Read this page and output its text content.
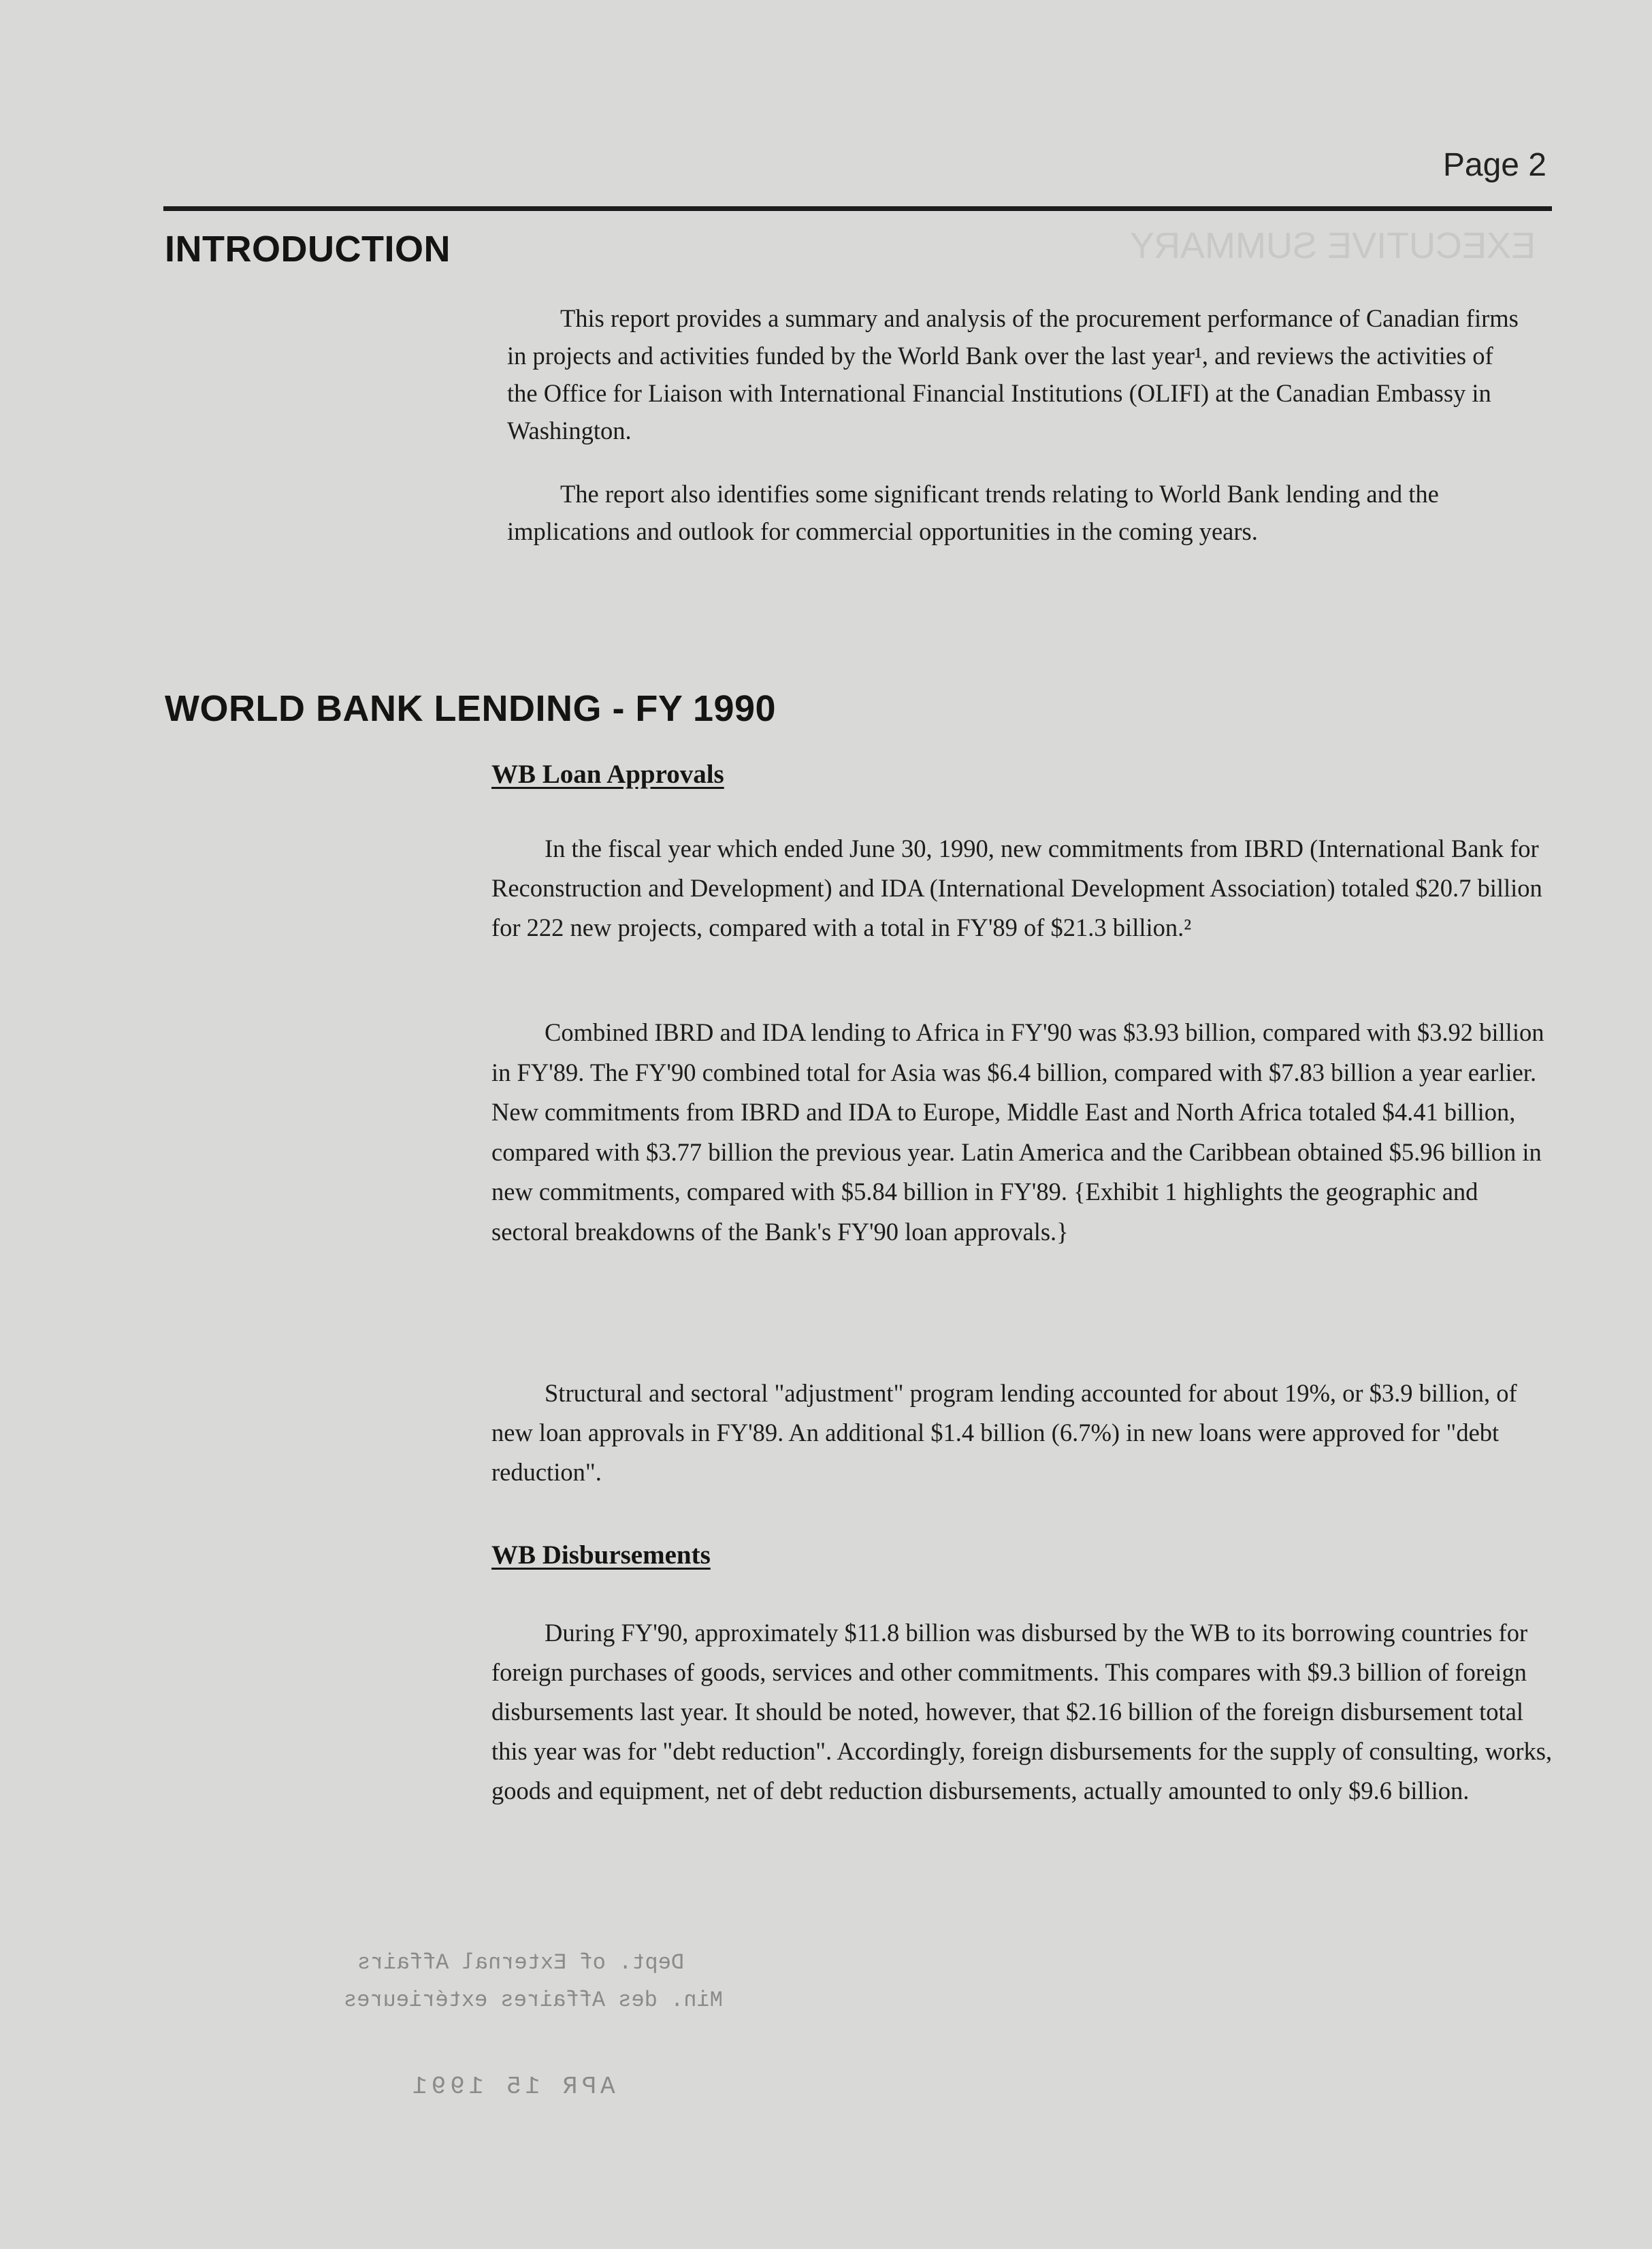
EXECUTIVE SUMMARY
Page 2
INTRODUCTION

This report provides a summary and analysis of the procurement performance of Canadian firms in projects and activities funded by the World Bank over the last year¹, and reviews the activities of the Office for Liaison with International Financial Institutions (OLIFI) at the Canadian Embassy in Washington.

The report also identifies some significant trends relating to World Bank lending and the implications and outlook for commercial opportunities in the coming years.

WORLD BANK LENDING - FY 1990
WB Loan Approvals

In the fiscal year which ended June 30, 1990, new commitments from IBRD (International Bank for Reconstruction and Development) and IDA (International Development Association) totaled $20.7 billion for 222 new projects, compared with a total in FY'89 of $21.3 billion.²

Combined IBRD and IDA lending to Africa in FY'90 was $3.93 billion, compared with $3.92 billion in FY'89. The FY'90 combined total for Asia was $6.4 billion, compared with $7.83 billion a year earlier. New commitments from IBRD and IDA to Europe, Middle East and North Africa totaled $4.41 billion, compared with $3.77 billion the previous year. Latin America and the Caribbean obtained $5.96 billion in new commitments, compared with $5.84 billion in FY'89. {Exhibit 1 highlights the geographic and sectoral breakdowns of the Bank's FY'90 loan approvals.}

Structural and sectoral "adjustment" program lending accounted for about 19%, or $3.9 billion, of new loan approvals in FY'89. An additional $1.4 billion (6.7%) in new loans were approved for "debt reduction".

WB Disbursements

During FY'90, approximately $11.8 billion was disbursed by the WB to its borrowing countries for foreign purchases of goods, services and other commitments. This compares with $9.3 billion of foreign disbursements last year. It should be noted, however, that $2.16 billion of the foreign disbursement total this year was for "debt reduction". Accordingly, foreign disbursements for the supply of consulting, works, goods and equipment, net of debt reduction disbursements, actually amounted to only $9.6 billion.

Dept. of External Affairs
Min. des Affaires extérieures
APR 15 1991
